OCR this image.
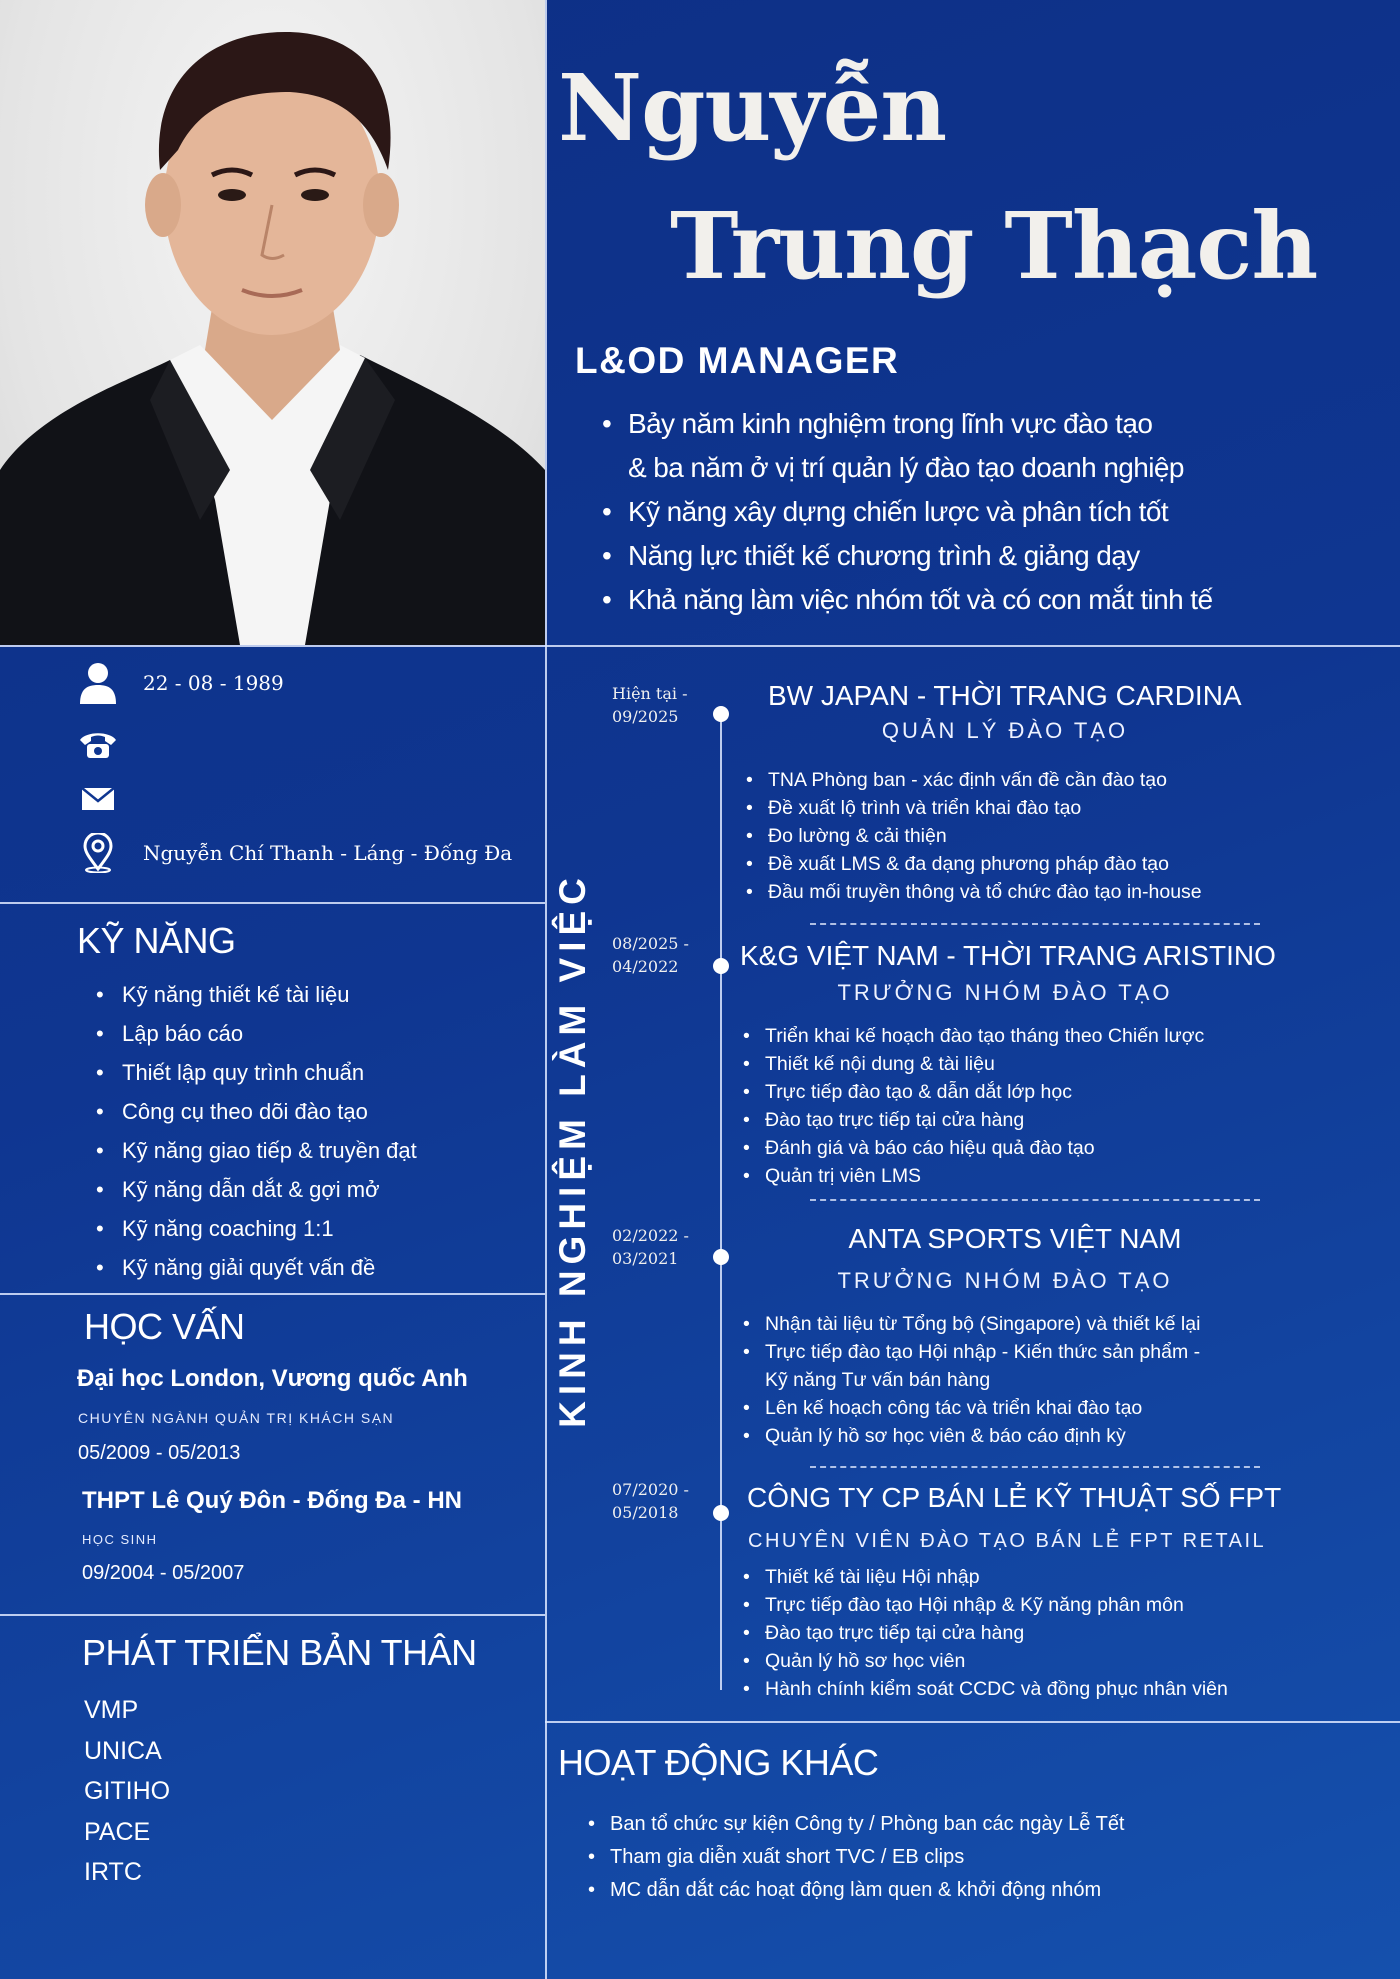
Nguyễn
Trung Thạch
L&OD MANAGER
• Bảy năm kinh nghiệm trong lĩnh vực đào tạo
& ba năm ở vị trí quản lý đào tạo doanh nghiệp
• Kỹ năng xây dựng chiến lược và phân tích tốt
• Năng lực thiết kế chương trình & giảng dạy
• Khả năng làm việc nhóm tốt và có con mắt tinh tế
22 - 08 - 1989
Nguyễn Chí Thanh - Láng - Đống Đa
KỸ NĂNG
• Kỹ năng thiết kế tài liệu
• Lập báo cáo
• Thiết lập quy trình chuẩn
• Công cụ theo dõi đào tạo
• Kỹ năng giao tiếp & truyền đạt
• Kỹ năng dẫn dắt & gợi mở
• Kỹ năng coaching 1:1
• Kỹ năng giải quyết vấn đề
HỌC VẤN
Đại học London, Vương quốc Anh
CHUYÊN NGÀNH QUẢN TRỊ KHÁCH SẠN
05/2009 - 05/2013
THPT Lê Quý Đôn - Đống Đa - HN
HỌC SINH
09/2004 - 05/2007
PHÁT TRIỂN BẢN THÂN
VMP
UNICA
GITIHO
PACE
IRTC
KINH NGHIỆM LÀM VIỆC
Hiện tại -
09/2025
BW JAPAN - THỜI TRANG CARDINA
QUẢN LÝ ĐÀO TẠO
• TNA Phòng ban - xác định vấn đề cần đào tạo
• Đề xuất lộ trình và triển khai đào tạo
• Đo lường & cải thiện
• Đề xuất LMS & đa dạng phương pháp đào tạo
• Đầu mối truyền thông và tổ chức đào tạo in-house
08/2025 -
04/2022	K&G VIỆT NAM - THỜI TRANG ARISTINO
TRƯỞNG NHÓM ĐÀO TẠO
• Triển khai kế hoạch đào tạo tháng theo Chiến lược
• Thiết kế nội dung & tài liệu
• Trực tiếp đào tạo & dẫn dắt lớp học
• Đào tạo trực tiếp tại cửa hàng
• Đánh giá và báo cáo hiệu quả đào tạo
• Quản trị viên LMS
02/2022 -
03/2021
ANTA SPORTS VIỆT NAM
TRƯỞNG NHÓM ĐÀO TẠO
• Nhận tài liệu từ Tổng bộ (Singapore) và thiết kế lại
• Trực tiếp đào tạo Hội nhập - Kiến thức sản phẩm -
Kỹ năng Tư vấn bán hàng
• Lên kế hoạch công tác và triển khai đào tạo
• Quản lý hồ sơ học viên & báo cáo định kỳ
07/2020 -
05/2018	CÔNG TY CP BÁN LẺ KỸ THUẬT SỐ FPT
CHUYÊN VIÊN ĐÀO TẠO BÁN LẺ FPT RETAIL
• Thiết kế tài liệu Hội nhập
• Trực tiếp đào tạo Hội nhập & Kỹ năng phân môn
• Đào tạo trực tiếp tại cửa hàng
• Quản lý hồ sơ học viên
• Hành chính kiểm soát CCDC và đồng phục nhân viên
HOẠT ĐỘNG KHÁC
• Ban tổ chức sự kiện Công ty / Phòng ban các ngày Lễ Tết
• Tham gia diễn xuất short TVC / EB clips
• MC dẫn dắt các hoạt động làm quen & khởi động nhóm
